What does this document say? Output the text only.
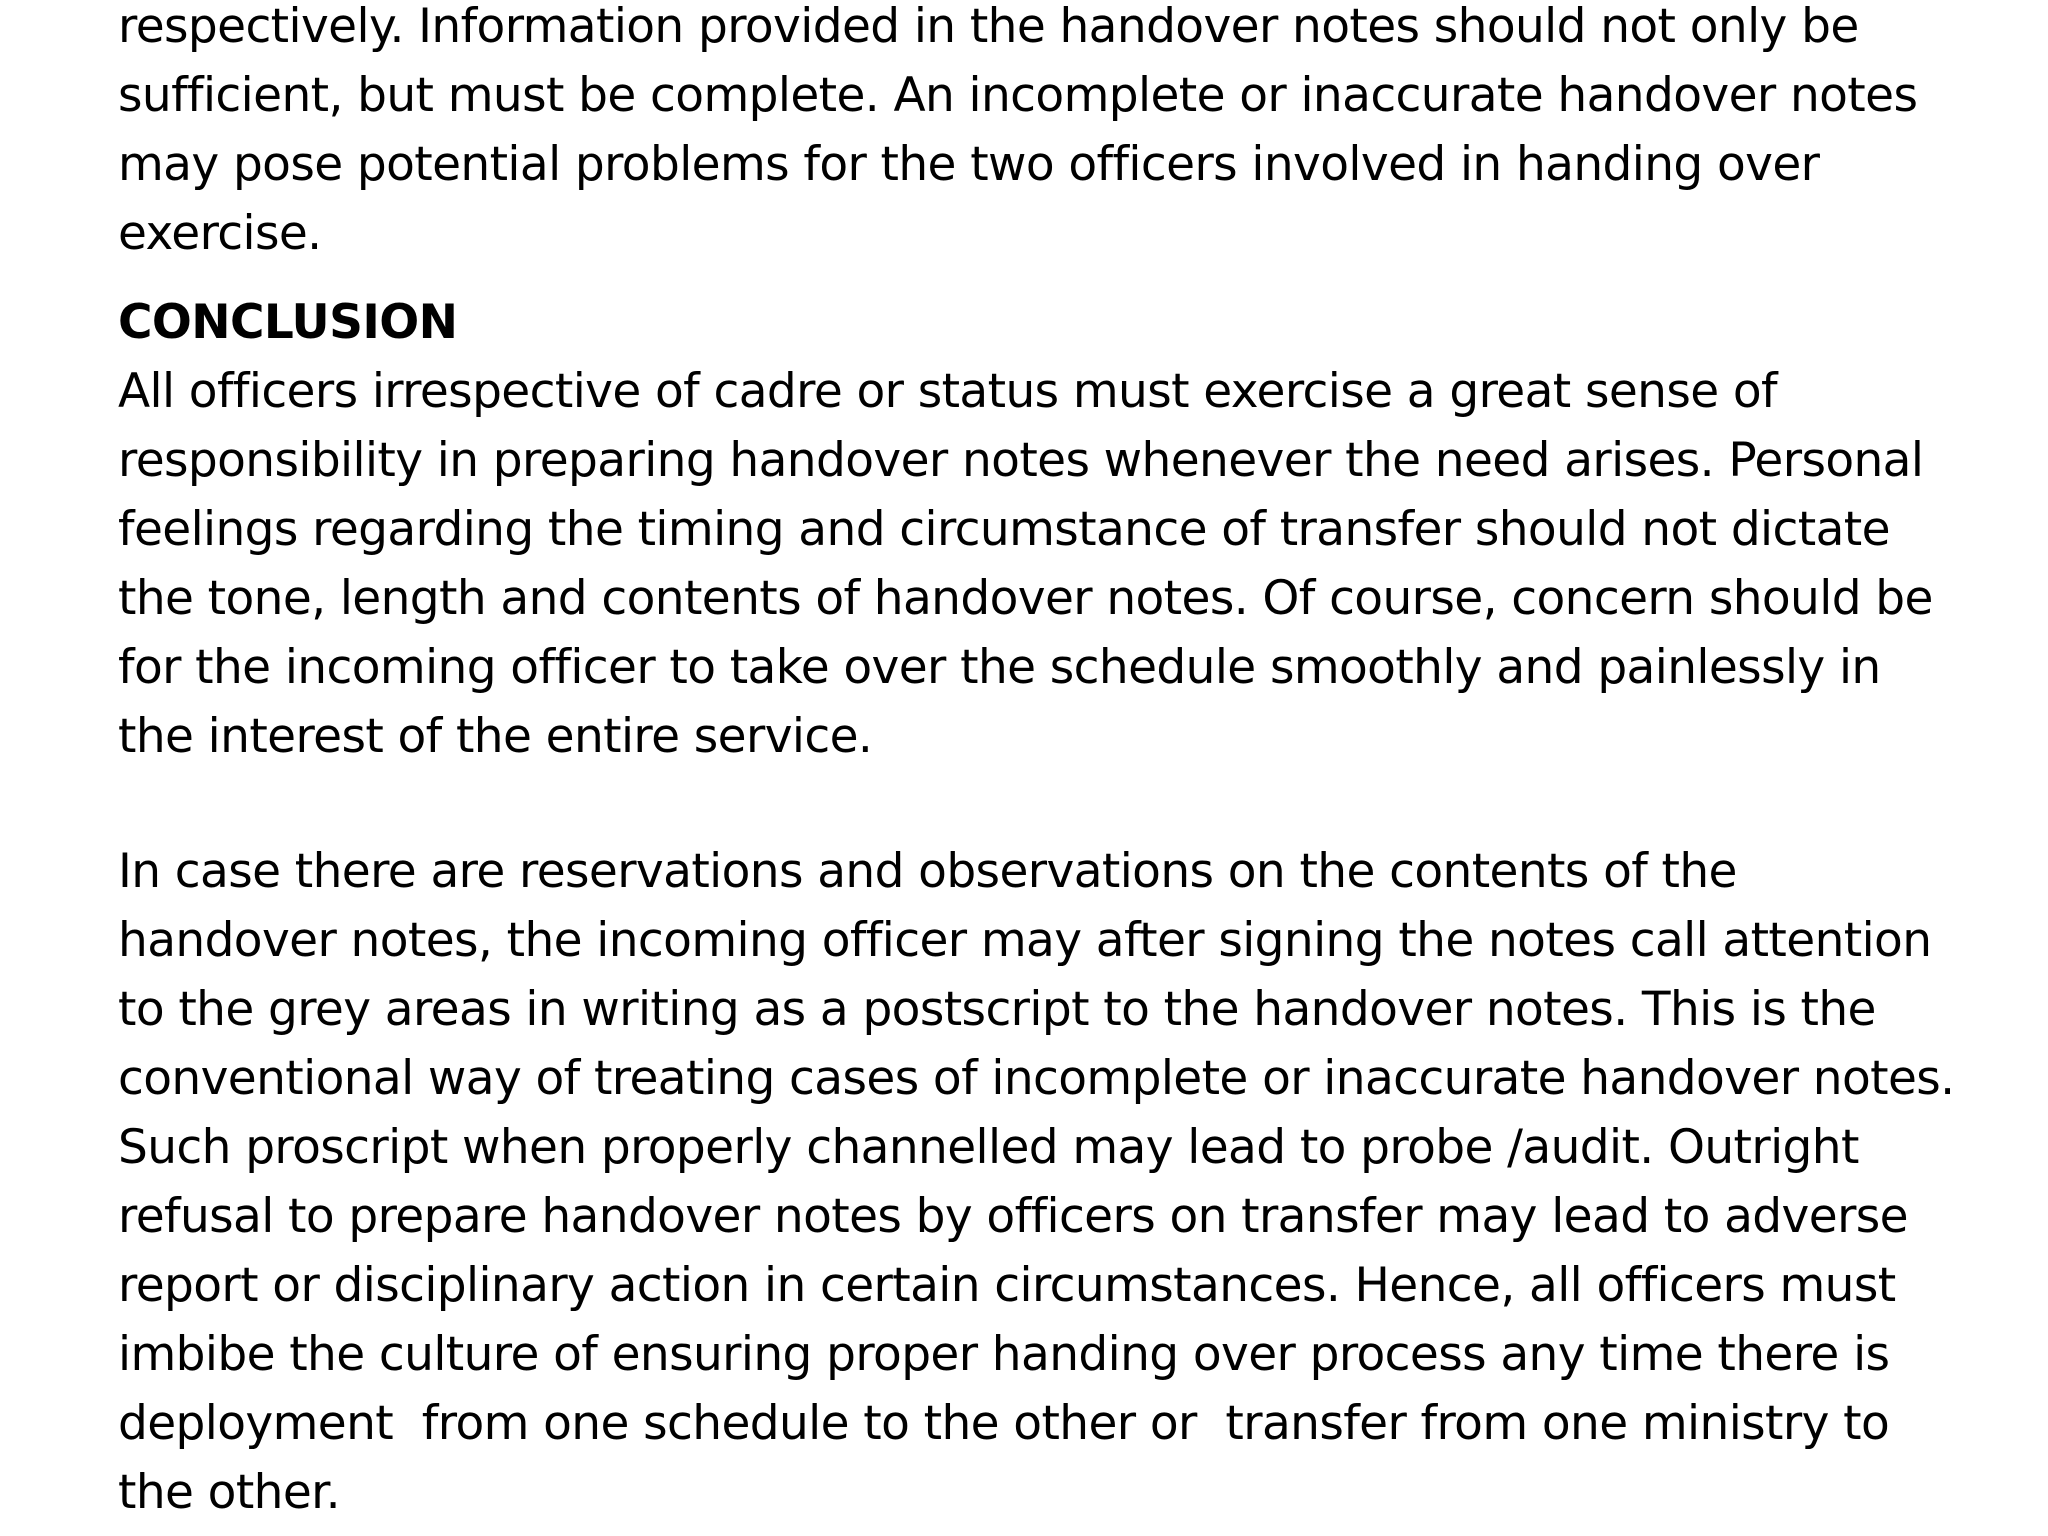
respectively. Information provided in the handover notes should not only be
sufficient, but must be complete. An incomplete or inaccurate handover notes
may pose potential problems for the two officers involved in handing over
exercise.
CONCLUSION
All officers irrespective of cadre or status must exercise a great sense of
responsibility in preparing handover notes whenever the need arises. Personal
feelings regarding the timing and circumstance of transfer should not dictate
the tone, length and contents of handover notes. Of course, concern should be
for the incoming officer to take over the schedule smoothly and painlessly in
the interest of the entire service.
In case there are reservations and observations on the contents of the
handover notes, the incoming officer may after signing the notes call attention
to the grey areas in writing as a postscript to the handover notes. This is the
conventional way of treating cases of incomplete or inaccurate handover notes.
Such proscript when properly channelled may lead to probe /audit. Outright
refusal to prepare handover notes by officers on transfer may lead to adverse
report or disciplinary action in certain circumstances. Hence, all officers must
imbibe the culture of ensuring proper handing over process any time there is
deployment  from one schedule to the other or  transfer from one ministry to
the other.
